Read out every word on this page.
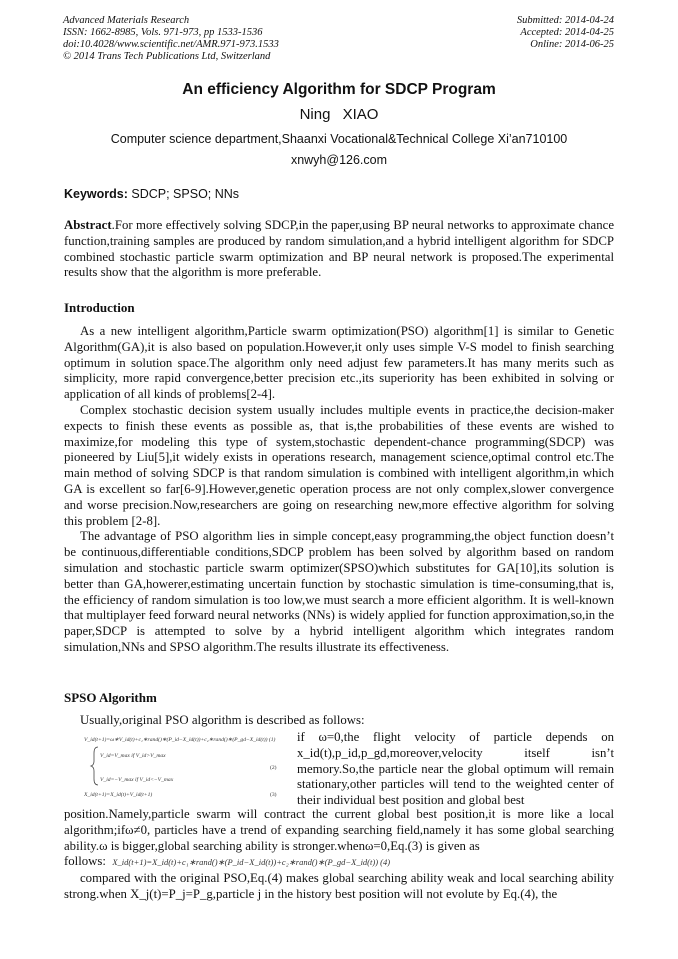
Advanced Materials Research
ISSN: 1662-8985, Vols. 971-973, pp 1533-1536
doi:10.4028/www.scientific.net/AMR.971-973.1533
© 2014 Trans Tech Publications Ltd, Switzerland
Submitted: 2014-04-24
Accepted: 2014-04-25
Online: 2014-06-25
An efficiency Algorithm for SDCP Program
Ning XIAO
Computer science department,Shaanxi Vocational&Technical College Xi’an710100
xnwyh@126.com
Keywords: SDCP; SPSO; NNs

Abstract.For more effectively solving SDCP,in the paper,using BP neural networks to approximate chance function,training samples are produced by random simulation,and a hybrid intelligent algorithm for SDCP combined stochastic particle swarm optimization and BP neural network is proposed.The experimental results show that the algorithm is more preferable.

Introduction

As a new intelligent algorithm,Particle swarm optimization(PSO) algorithm[1] is similar to Genetic Algorithm(GA),it is also based on population.However,it only uses simple V-S model to finish searching optimum in solution space.The algorithm only need adjust few parameters.It has many merits such as simplicity, more rapid convergence,better precision etc.,its superiority has been exhibited in solving or application of all kinds of problems[2-4].

Complex stochastic decision system usually includes multiple events in practice,the decision-maker expects to finish these events as possible as, that is,the probabilities of these events are wished to maximize,for modeling this type of system,stochastic dependent-chance programming(SDCP) was pioneered by Liu[5],it widely exists in operations research, management science,optimal control etc.The main method of solving SDCP is that random simulation is combined with intelligent algorithm,in which GA is excellent so far[6-9].However,genetic operation process are not only complex,slower convergence and worse precision.Now,researchers are going on researching new,more effective algorithm for solving this problem [2-8].

The advantage of PSO algorithm lies in simple concept,easy programming,the object function doesn’t be continuous,differentiable conditions,SDCP problem has been solved by algorithm based on random simulation and stochastic particle swarm optimizer(SPSO)which substitutes for GA[10],its solution is better than GA,howerer,estimating uncertain function by stochastic simulation is time-consuming,that is, the efficiency of random simulation is too low,we must search a more efficient algorithm. It is well-known that multiplayer feed forward neural networks (NNs) is widely applied for function approximation,so,in the paper,SDCP is attempted to solve by a hybrid intelligent algorithm which integrates random simulation,NNs and SPSO algorithm.The results illustrate its effectiveness.

SPSO Algorithm

Usually,original PSO algorithm is described as follows:

V_id(t+1)=ω∗V_id(t)+c₁∗rand()∗(P_id−X_id(t))+c₂∗rand()∗(P_gd−X_id(t)) (1)
V_id=V_max if V_id>V_max
(2)
V_id=−V_max if V_id<−V_max
X_id(t+1)=X_id(t)+V_id(t+1)	(3)
if ω=0,the flight velocity of particle depends on x_id(t),p_id,p_gd,moreover,velocity itself isn’t memory.So,the particle near the global optimum will remain stationary,other particles will tend to the weighted center of their individual best position and global best

position.Namely,particle swarm will contract the current global best position,it is more like a local algorithm;ifω≠0, particles have a trend of expanding searching field,namely it has some global searching ability.ω is bigger,global searching ability is stronger.whenω=0,Eq.(3) is given as

follows: X_id(t+1)=X_id(t)+c₁∗rand()∗(P_id−X_id(t))+c₂∗rand()∗(P_gd−X_id(t)) (4)

compared with the original PSO,Eq.(4) makes global searching ability weak and local searching ability strong.when X_j(t)=P_j=P_g,particle j in the history best position will not evolute by Eq.(4), the
